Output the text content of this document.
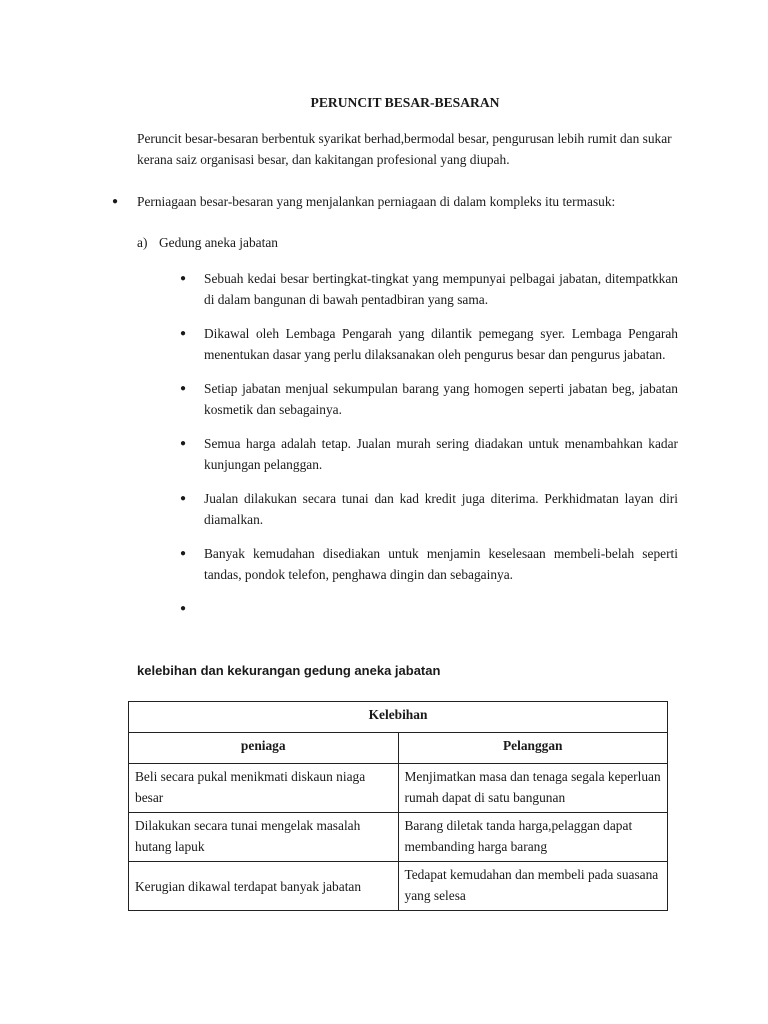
PERUNCIT BESAR-BESARAN

Peruncit besar-besaran berbentuk syarikat berhad,bermodal besar, pengurusan lebih rumit dan sukar kerana saiz organisasi besar, dan kakitangan profesional yang diupah.

●	Perniagaan besar-besaran yang menjalankan perniagaan di dalam kompleks itu termasuk:
a) Gedung aneka jabatan
●	Sebuah kedai besar bertingkat-tingkat yang mempunyai pelbagai jabatan, ditempatkkan di dalam bangunan di bawah pentadbiran yang sama.
●	Dikawal oleh Lembaga Pengarah yang dilantik pemegang syer. Lembaga Pengarah menentukan dasar yang perlu dilaksanakan oleh pengurus besar dan pengurus jabatan.
●	Setiap jabatan menjual sekumpulan barang yang homogen seperti jabatan beg, jabatan kosmetik dan sebagainya.
●	Semua harga adalah tetap. Jualan murah sering diadakan untuk menambahkan kadar kunjungan pelanggan.
●	Jualan dilakukan secara tunai dan kad kredit juga diterima. Perkhidmatan layan diri diamalkan.
●	Banyak kemudahan disediakan untuk menjamin keselesaan membeli-belah seperti tandas, pondok telefon, penghawa dingin dan sebagainya.
●
kelebihan dan kekurangan gedung aneka jabatan
Kelebihan	
peniaga	Pelanggan
Beli secara pukal menikmati diskaun niaga besar	Menjimatkan masa dan tenaga segala keperluan rumah dapat di satu bangunan
Dilakukan secara tunai mengelak masalah hutang lapuk	Barang diletak tanda harga,pelaggan dapat membanding harga barang
Kerugian dikawal terdapat banyak jabatan	Tedapat kemudahan dan membeli pada suasana yang selesa
